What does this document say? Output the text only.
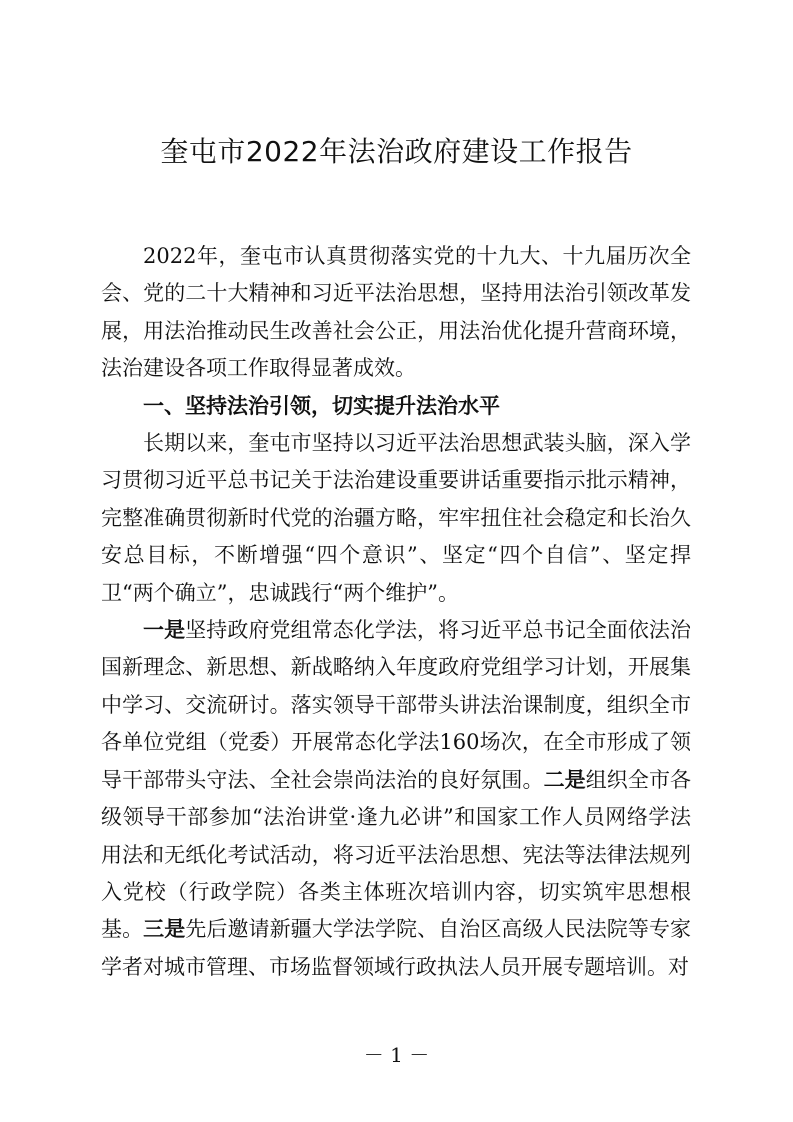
奎屯市2022年法治政府建设工作报告

2022年，奎屯市认真贯彻落实党的十九大、十九届历次全会、党的二十大精神和习近平法治思想，坚持用法治引领改革发展，用法治推动民生改善社会公正，用法治优化提升营商环境，法治建设各项工作取得显著成效。

一、坚持法治引领，切实提升法治水平

长期以来，奎屯市坚持以习近平法治思想武装头脑，深入学习贯彻习近平总书记关于法治建设重要讲话重要指示批示精神，完整准确贯彻新时代党的治疆方略，牢牢扭住社会稳定和长治久安总目标，不断增强“四个意识”、坚定“四个自信”、坚定捍卫“两个确立”，忠诚践行“两个维护”。

一是坚持政府党组常态化学法，将习近平总书记全面依法治国新理念、新思想、新战略纳入年度政府党组学习计划，开展集中学习、交流研讨。落实领导干部带头讲法治课制度，组织全市各单位党组（党委）开展常态化学法160场次，在全市形成了领导干部带头守法、全社会崇尚法治的良好氛围。二是组织全市各级领导干部参加“法治讲堂·逢九必讲”和国家工作人员网络学法用法和无纸化考试活动，将习近平法治思想、宪法等法律法规列入党校（行政学院）各类主体班次培训内容，切实筑牢思想根基。三是先后邀请新疆大学法学院、自治区高级人民法院等专家学者对城市管理、市场监督领域行政执法人员开展专题培训。对

－ 1 －
